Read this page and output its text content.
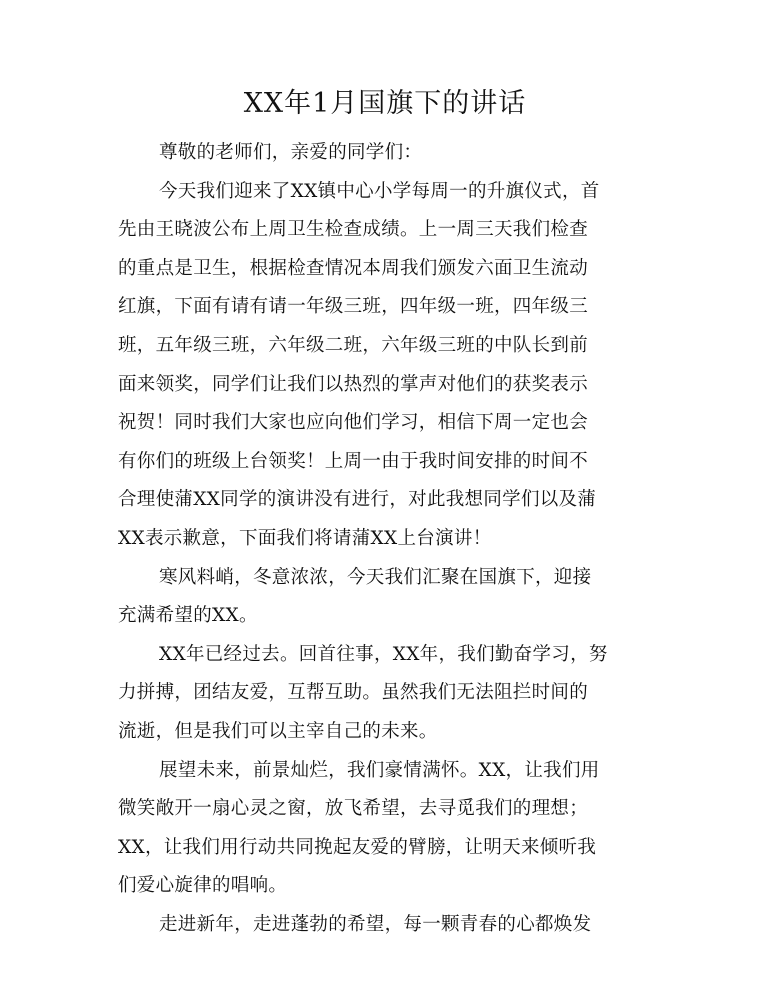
XX年1月国旗下的讲话
尊敬的老师们，亲爱的同学们：
今天我们迎来了XX镇中心小学每周一的升旗仪式，首
先由王晓波公布上周卫生检查成绩。上一周三天我们检查
的重点是卫生，根据检查情况本周我们颁发六面卫生流动
红旗，下面有请有请一年级三班，四年级一班，四年级三
班，五年级三班，六年级二班，六年级三班的中队长到前
面来领奖，同学们让我们以热烈的掌声对他们的获奖表示
祝贺！同时我们大家也应向他们学习，相信下周一定也会
有你们的班级上台领奖！上周一由于我时间安排的时间不
合理使蒲XX同学的演讲没有进行，对此我想同学们以及蒲
XX表示歉意，下面我们将请蒲XX上台演讲！
寒风料峭，冬意浓浓，今天我们汇聚在国旗下，迎接
充满希望的XX。
XX年已经过去。回首往事，XX年，我们勤奋学习，努
力拼搏，团结友爱，互帮互助。虽然我们无法阻拦时间的
流逝，但是我们可以主宰自己的未来。
展望未来，前景灿烂，我们豪情满怀。XX，让我们用
微笑敞开一扇心灵之窗，放飞希望，去寻觅我们的理想；
XX，让我们用行动共同挽起友爱的臂膀，让明天来倾听我
们爱心旋律的唱响。
走进新年，走进蓬勃的希望，每一颗青春的心都焕发
